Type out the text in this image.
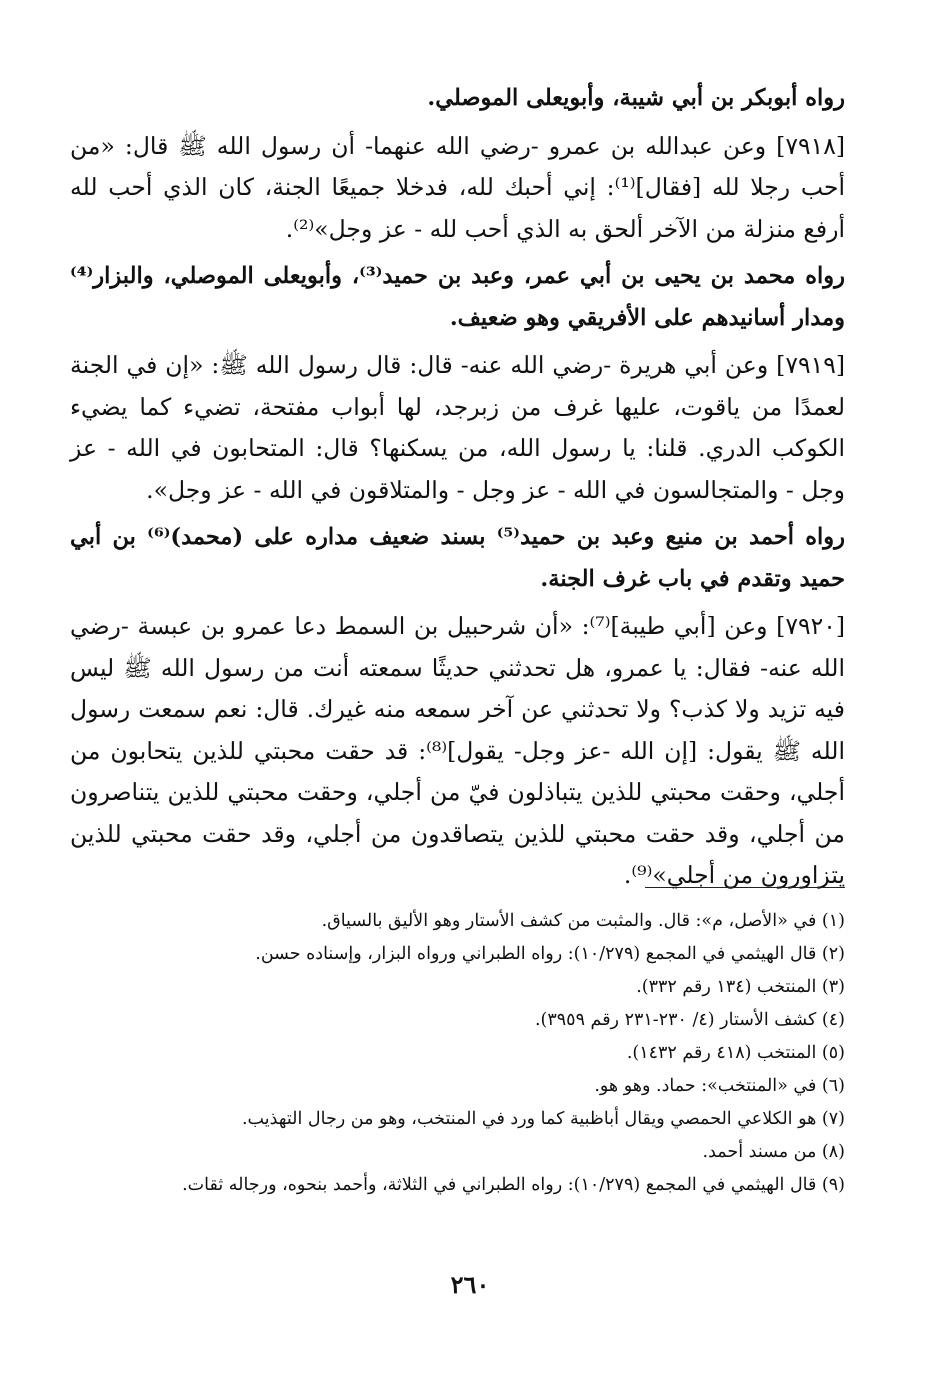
رواه أبوبكر بن أبي شيبة، وأبويعلى الموصلي.

[٧٩١٨] وعن عبدالله بن عمرو -رضي الله عنهما- أن رسول الله ﷺ قال: «من أحب رجلا لله [فقال]⁽¹⁾: إني أحبك لله، فدخلا جميعًا الجنة، كان الذي أحب لله أرفع منزلة من الآخر ألحق به الذي أحب لله - عز وجل»⁽²⁾.

رواه محمد بن يحيى بن أبي عمر، وعبد بن حميد⁽³⁾، وأبويعلى الموصلي، والبزار⁽⁴⁾ ومدار أسانيدهم على الأفريقي وهو ضعيف.

[٧٩١٩] وعن أبي هريرة -رضي الله عنه- قال: قال رسول الله ﷺ: «إن في الجنة لعمدًا من ياقوت، عليها غرف من زبرجد، لها أبواب مفتحة، تضيء كما يضيء الكوكب الدري. قلنا: يا رسول الله، من يسكنها؟ قال: المتحابون في الله - عز وجل - والمتجالسون في الله - عز وجل - والمتلاقون في الله - عز وجل».

رواه أحمد بن منيع وعبد بن حميد⁽⁵⁾ بسند ضعيف مداره على (محمد)⁽⁶⁾ بن أبي حميد وتقدم في باب غرف الجنة.

[٧٩٢٠] وعن [أبي طيبة]⁽⁷⁾: «أن شرحبيل بن السمط دعا عمرو بن عبسة -رضي الله عنه- فقال: يا عمرو، هل تحدثني حديثًا سمعته أنت من رسول الله ﷺ ليس فيه تزيد ولا كذب؟ ولا تحدثني عن آخر سمعه منه غيرك. قال: نعم سمعت رسول الله ﷺ يقول: [إن الله -عز وجل- يقول]⁽⁸⁾: قد حقت محبتي للذين يتحابون من أجلي، وحقت محبتي للذين يتباذلون فيّ من أجلي، وحقت محبتي للذين يتناصرون من أجلي، وقد حقت محبتي للذين يتصاقدون من أجلي، وقد حقت محبتي للذين يتزاورون من أجلي»⁽⁹⁾.

(١) في «الأصل، م»: قال. والمثبت من كشف الأستار وهو الأليق بالسياق.
(٢) قال الهيثمي في المجمع (١٠/٢٧٩): رواه الطبراني ورواه البزار، وإسناده حسن.
(٣) المنتخب (١٣٤ رقم ٣٣٢).
(٤) كشف الأستار (٤/ ٢٣٠-٢٣١ رقم ٣٩٥٩).
(٥) المنتخب (٤١٨ رقم ١٤٣٢).
(٦) في «المنتخب»: حماد. وهو هو.
(٧) هو الكلاعي الحمصي ويقال أباظبية كما ورد في المنتخب، وهو من رجال التهذيب.
(٨) من مسند أحمد.
(٩) قال الهيثمي في المجمع (١٠/٢٧٩): رواه الطبراني في الثلاثة، وأحمد بنحوه، ورجاله ثقات.
٢٦٠
